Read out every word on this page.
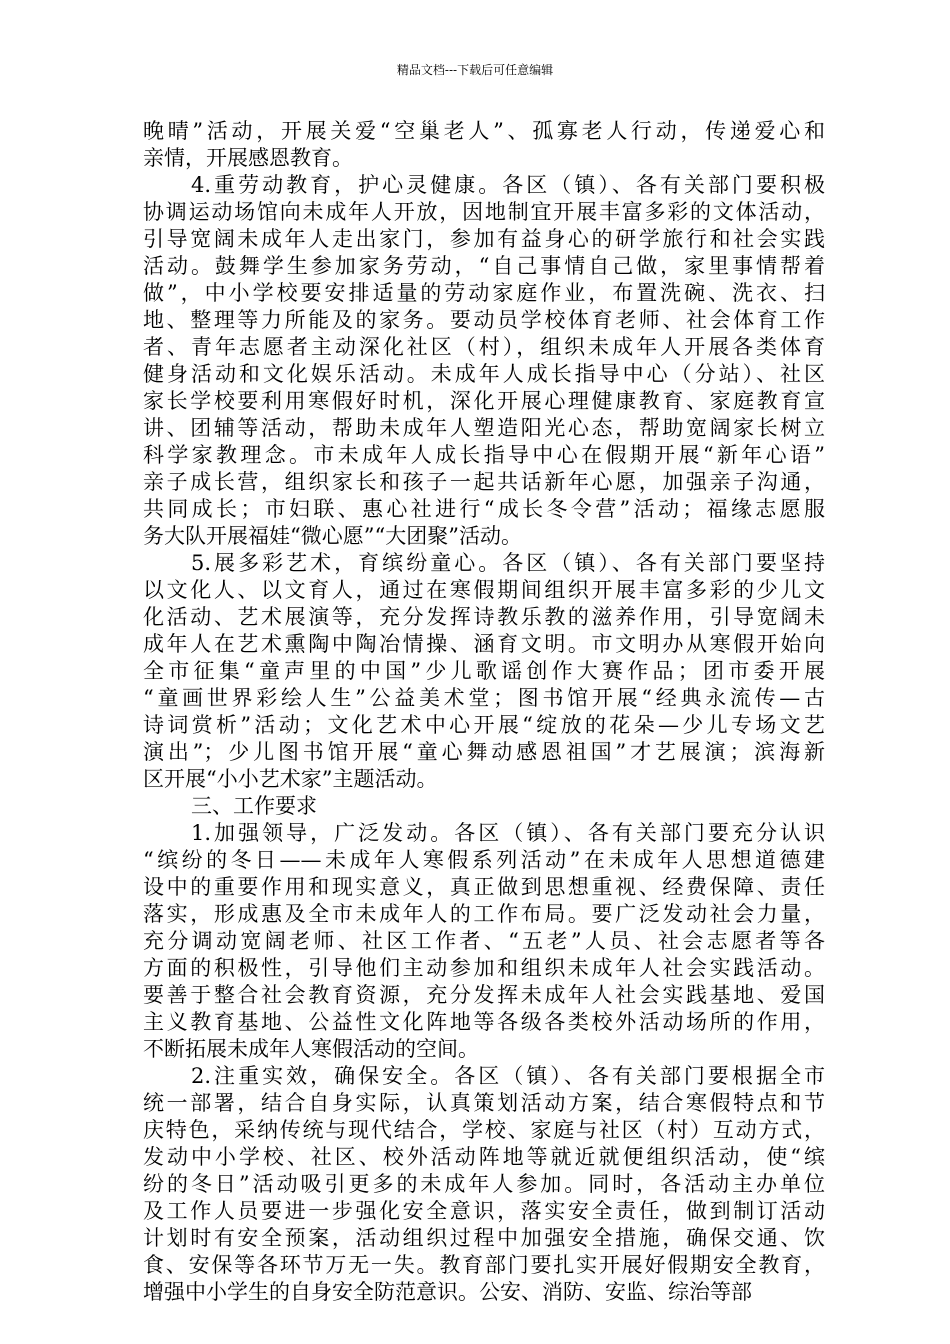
精品文档---下载后可任意编辑
晚晴”活动，开展关爱“空巢老人”、孤寡老人行动，传递爱心和
亲情，开展感恩教育。
4.重劳动教育，护心灵健康。各区（镇）、各有关部门要积极
协调运动场馆向未成年人开放，因地制宜开展丰富多彩的文体活动，
引导宽阔未成年人走出家门，参加有益身心的研学旅行和社会实践
活动。鼓舞学生参加家务劳动，“自己事情自己做，家里事情帮着
做”，中小学校要安排适量的劳动家庭作业，布置洗碗、洗衣、扫
地、整理等力所能及的家务。要动员学校体育老师、社会体育工作
者、青年志愿者主动深化社区（村），组织未成年人开展各类体育
健身活动和文化娱乐活动。未成年人成长指导中心（分站）、社区
家长学校要利用寒假好时机，深化开展心理健康教育、家庭教育宣
讲、团辅等活动，帮助未成年人塑造阳光心态，帮助宽阔家长树立
科学家教理念。市未成年人成长指导中心在假期开展“新年心语”
亲子成长营，组织家长和孩子一起共话新年心愿，加强亲子沟通，
共同成长；市妇联、惠心社进行“成长冬令营”活动；福缘志愿服
务大队开展福娃“微心愿”“大团聚”活动。
5.展多彩艺术，育缤纷童心。各区（镇）、各有关部门要坚持
以文化人、以文育人，通过在寒假期间组织开展丰富多彩的少儿文
化活动、艺术展演等，充分发挥诗教乐教的滋养作用，引导宽阔未
成年人在艺术熏陶中陶冶情操、涵育文明。市文明办从寒假开始向
全市征集“童声里的中国”少儿歌谣创作大赛作品；团市委开展
“童画世界彩绘人生”公益美术堂；图书馆开展“经典永流传—古
诗词赏析”活动；文化艺术中心开展“绽放的花朵—少儿专场文艺
演出”；少儿图书馆开展“童心舞动感恩祖国”才艺展演；滨海新
区开展“小小艺术家”主题活动。
三、工作要求
1.加强领导，广泛发动。各区（镇）、各有关部门要充分认识
“缤纷的冬日——未成年人寒假系列活动”在未成年人思想道德建
设中的重要作用和现实意义，真正做到思想重视、经费保障、责任
落实，形成惠及全市未成年人的工作布局。要广泛发动社会力量，
充分调动宽阔老师、社区工作者、“五老”人员、社会志愿者等各
方面的积极性，引导他们主动参加和组织未成年人社会实践活动。
要善于整合社会教育资源，充分发挥未成年人社会实践基地、爱国
主义教育基地、公益性文化阵地等各级各类校外活动场所的作用，
不断拓展未成年人寒假活动的空间。
2.注重实效，确保安全。各区（镇）、各有关部门要根据全市
统一部署，结合自身实际，认真策划活动方案，结合寒假特点和节
庆特色，采纳传统与现代结合，学校、家庭与社区（村）互动方式，
发动中小学校、社区、校外活动阵地等就近就便组织活动，使“缤
纷的冬日”活动吸引更多的未成年人参加。同时，各活动主办单位
及工作人员要进一步强化安全意识，落实安全责任，做到制订活动
计划时有安全预案，活动组织过程中加强安全措施，确保交通、饮
食、安保等各环节万无一失。教育部门要扎实开展好假期安全教育，
增强中小学生的自身安全防范意识。公安、消防、安监、综治等部
